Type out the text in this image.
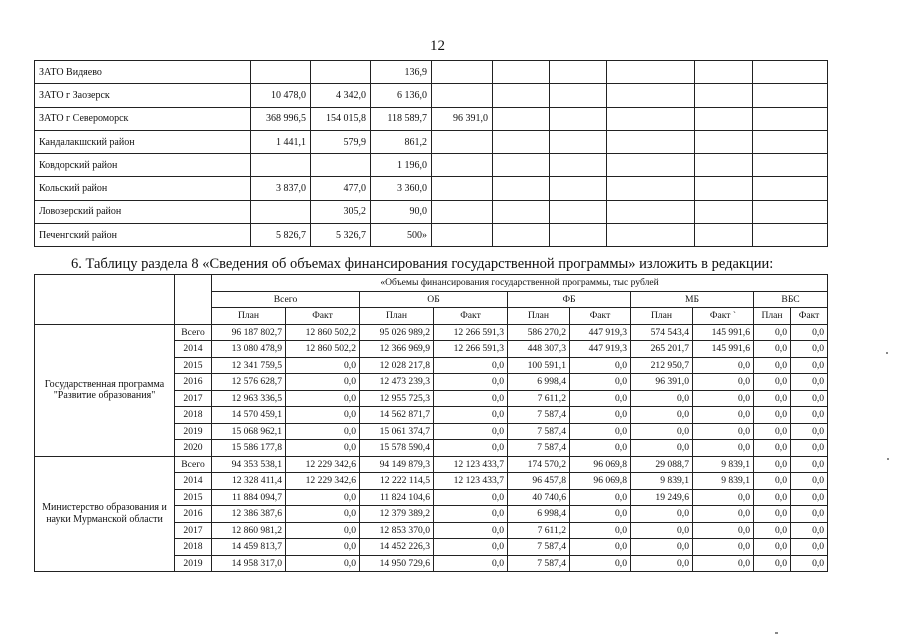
12
ЗАТО Видяево			136,9						
ЗАТО г Заозерск	10 478,0	4 342,0	6 136,0						
ЗАТО г Североморск	368 996,5	154 015,8	118 589,7	96 391,0					
Кандалакшский район	1 441,1	579,9	861,2						
Ковдорский район			1 196,0						
Кольский район	3 837,0	477,0	3 360,0						
Ловозерский район		305,2	90,0						
Печенгский район	5 826,7	5 326,7	500»						
6. Таблицу раздела 8 «Сведения об объемах финансирования государственной программы» изложить в редакции:
		«Объемы финансирования государственной программы, тыс рублей									
		Всего		ОБ		ФБ		МБ		ВБС	
		План	Факт	План	Факт	План	Факт	План	Факт `	План	Факт
Государственная программа "Развитие образования"	Всего	96 187 802,7	12 860 502,2	95 026 989,2	12 266 591,3	586 270,2	447 919,3	574 543,4	145 991,6	0,0	0,0
	2014	13 080 478,9	12 860 502,2	12 366 969,9	12 266 591,3	448 307,3	447 919,3	265 201,7	145 991,6	0,0	0,0
	2015	12 341 759,5	0,0	12 028 217,8	0,0	100 591,1	0,0	212 950,7	0,0	0,0	0,0
	2016	12 576 628,7	0,0	12 473 239,3	0,0	6 998,4	0,0	96 391,0	0,0	0,0	0,0
	2017	12 963 336,5	0,0	12 955 725,3	0,0	7 611,2	0,0	0,0	0,0	0,0	0,0
	2018	14 570 459,1	0,0	14 562 871,7	0,0	7 587,4	0,0	0,0	0,0	0,0	0,0
	2019	15 068 962,1	0,0	15 061 374,7	0,0	7 587,4	0,0	0,0	0,0	0,0	0,0
	2020	15 586 177,8	0,0	15 578 590,4	0,0	7 587,4	0,0	0,0	0,0	0,0	0,0
Министерство образования и науки Мурманской области	Всего	94 353 538,1	12 229 342,6	94 149 879,3	12 123 433,7	174 570,2	96 069,8	29 088,7	9 839,1	0,0	0,0
	2014	12 328 411,4	12 229 342,6	12 222 114,5	12 123 433,7	96 457,8	96 069,8	9 839,1	9 839,1	0,0	0,0
	2015	11 884 094,7	0,0	11 824 104,6	0,0	40 740,6	0,0	19 249,6	0,0	0,0	0,0
	2016	12 386 387,6	0,0	12 379 389,2	0,0	6 998,4	0,0	0,0	0,0	0,0	0,0
	2017	12 860 981,2	0,0	12 853 370,0	0,0	7 611,2	0,0	0,0	0,0	0,0	0,0
	2018	14 459 813,7	0,0	14 452 226,3	0,0	7 587,4	0,0	0,0	0,0	0,0	0,0
	2019	14 958 317,0	0,0	14 950 729,6	0,0	7 587,4	0,0	0,0	0,0	0,0	0,0
